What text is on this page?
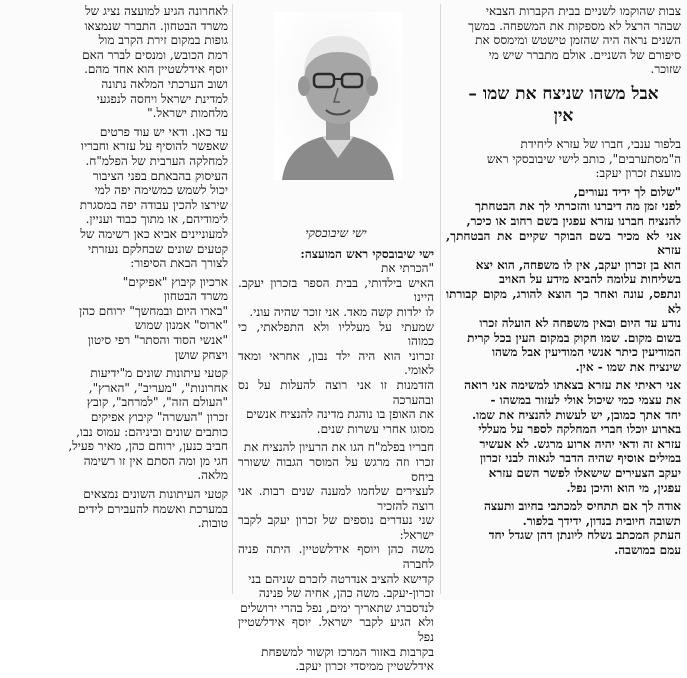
צבות שהוקמו לשניים בבית הקברות הצבאי
שבהר הרצל לא מספקות את המשפחה. במשך
השנים נראה היה שהזמן טישטש ומימסס את
סיפורם של השניים. אולם מתברר שיש מי
שזוכר.

אבל משהו שניצח את שמו –
אין

בלפור ענבי, חברו של עזרא ליחידת
ה"מסתערבים", כותב לישי שיבובסקי ראש
מועצת זכרון יעקב:

"שלום לך ידיד נעורים,
לפני זמן מה דיברנו והזכרתי לך את הבטחתך
להנציח חברנו עזרא עפגין בשם רחוב או כיכר,
אני לא מכיר בשם הבוקר שקיים את הבטחתך, עזרא
הוא בן זכרון יעקב, אין לו משפחה, הוא יצא
בשליחות עלומה להביא מידע על האויב
ונתפס, עונה ואחר כך הוצא להורג, מקום קבורתו לא
נודע עד היום ובאין משפחה לא הועלה זכרו
בשום מקום. שמו חקוק במקום העין בכל קרית
המודיעין כיתר אנשי המודיעין אבל משהו
שינציח את שמו - אין.

אני ראיתי את עזרא בצאתו למשימה אני רואה
את עצמי כמי שיכול אולי לעזור במשהו -
יחד אתך כמובן, יש לעשות להנציח את שמו.
בארוע יוכלו חברי המחלקה לספר על מעללי
עזרא זה ודאי יהיה ארוע מרגש. לא אעשיר
במילים אוסיף שהיה הדבר לגאוה לבני זכרון
יעקב הצעירים שישאלו לפשר השם עזרא
עפגין, מי הוא והיכן נפל.

אודה לך אם תתחיס למכתבי בחיוב ותעצה
תשובה חיובית בנדון, ידידך בלפור.
העתק המכתב נשלח ליונתן דהן שגדל יחד
עמם במושבה.

ישי שיבובסקי

ישי שיבובסקי ראש המועצה:
"הכרתי את
האיש בילדותי, בבית הספר בזכרון יעקב. היינו
לו ילדות קשה מאד. אני זוכר שהיה עוני.
שמעתי על מעלליו ולא התפלאתי, כי כמוהו
זכרוני הוא היה ילד נבון, אחראי ומאד לאומי.
הזדמנות זו אני רוצה להעלות על נס ובהערכה
את האופן בו נוהגת מדינה להנציח אנשים
מסוגו אחרי עשרות שנים.

חבריו בפלמ"ח הגו את הרעיון להנציח את
זכרו וזה מרגש על המוסר הגבוה ששורר ביחס
לעצירים שלחמו למענה שנים רבות. אני רוצה להזכיר
שני נעדרים נוספים של זכרון יעקב לקבר ישראל:
משה כהן ויוסף אידלשטיין. היתה פניה לחברה
קדישא להציב אנדרטה לזכרם שניהם בני
זכרון-יעקב. משה כהן, אחיה של פנינה
לנדסברג שתאריך ימים, נפל בהרי ירושלים
ולא הגיע לקבר ישראל. יוסף אידלשטיין נפל
בקרבות באזור המרכז וקשור למשפחת
אידלשטיין ממיסדי זכרון יעקב.

לאחרונה הגיע למועצה נציג של
משרד הבטחון. התברר שנמצאו
גופות במקום זירת הקרב מול
רמת הכובש, ומנסים לברר האם
יוסף אידלשטיין הוא אחד מהם.
ושוב הערכתי המלאה נתונה
למדינת ישראל ויחסה לנפגעי
מלחמות ישראל."

עד כאן. ודאי יש עוד פרטים
שאפשר להוסיף על עזרא וחבריו
למחלקה הערבית של הפלמ"ח.
העיסוק בהבאתם בפני הציבור
יכול לשמש כמשימה יפה למי
שירצו להכין עבודה יפה במסגרת
לימודיהם, או מתוך כבוד ועניין.
למעוניינים אביא כאן רשימה של
קטעים שונים שבחלקם נעזרתי
לצורך הבאת הסיפור:

ארכיון קיבוץ "אפיקים"
משרד הבטחון
"בארו היום ובמחשך" ירוחם כהן
"ארוס" אמנון שמוש
"אנשי הסוד והסתר" רפי סיטון
ויצחק שושן

קטעי עיתונות שונים מ"ידיעות
אחרונות", "מעריב", "הארץ",
"העולם הזה", "למרחב", קובץ
זכרון "העשרה" קיבוץ אפיקים
כותבים שונים וביניהם: עמוס נבו,
חביב כנען, ירוחם כהן, מאיר פעיל,
חגי מן ומה הסתם אין זו רשימה
מלאה.

קטעי העיתונות השונים נמצאים
במערכת ואשמח להעבירם לידים
טובות.
